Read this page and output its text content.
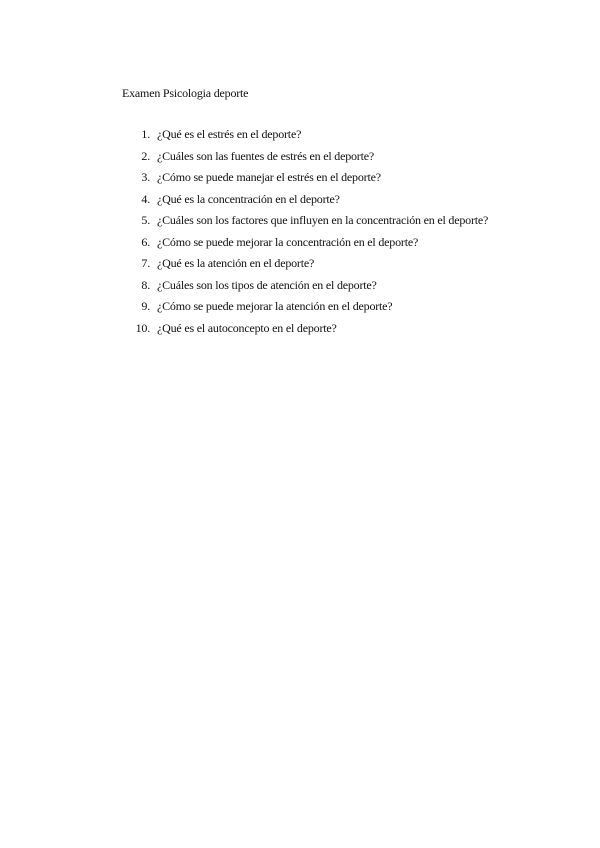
Examen Psicologia deporte
1. ¿Qué es el estrés en el deporte?
2. ¿Cuáles son las fuentes de estrés en el deporte?
3. ¿Cómo se puede manejar el estrés en el deporte?
4. ¿Qué es la concentración en el deporte?
5. ¿Cuáles son los factores que influyen en la concentración en el deporte?
6. ¿Cómo se puede mejorar la concentración en el deporte?
7. ¿Qué es la atención en el deporte?
8. ¿Cuáles son los tipos de atención en el deporte?
9. ¿Cómo se puede mejorar la atención en el deporte?
10. ¿Qué es el autoconcepto en el deporte?
